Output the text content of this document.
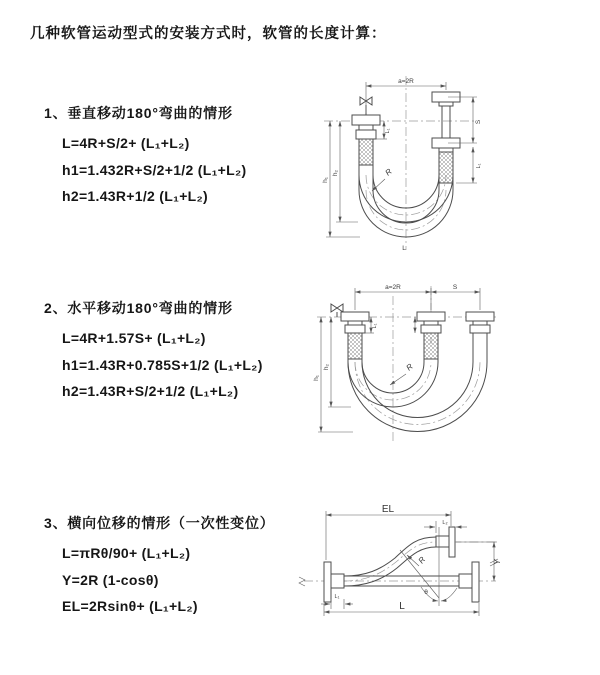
几种软管运动型式的安装方式时，软管的长度计算：
1、垂直移动180°弯曲的情形

L=4R+S/2+ (L₁+L₂)

h1=1.432R+S/2+1/2 (L₁+L₂)

h2=1.43R+1/2 (L₁+L₂)

a=2R
h₁
h₂
L₁
S
L₁
R
L
2、水平移动180°弯曲的情形

L=4R+1.57S+ (L₁+L₂)

h1=1.43R+0.785S+1/2 (L₁+L₂)

h2=1.43R+S/2+1/2 (L₁+L₂)

a=2R	S
h₁
h₂
L₁
R
3、横向位移的情形（一次性变位）

L=πRθ/90+ (L₁+L₂)

Y=2R (1-cosθ)

EL=2Rsinθ+ (L₁+L₂)

θ
EL
L₂
Y
L
L₁
R
